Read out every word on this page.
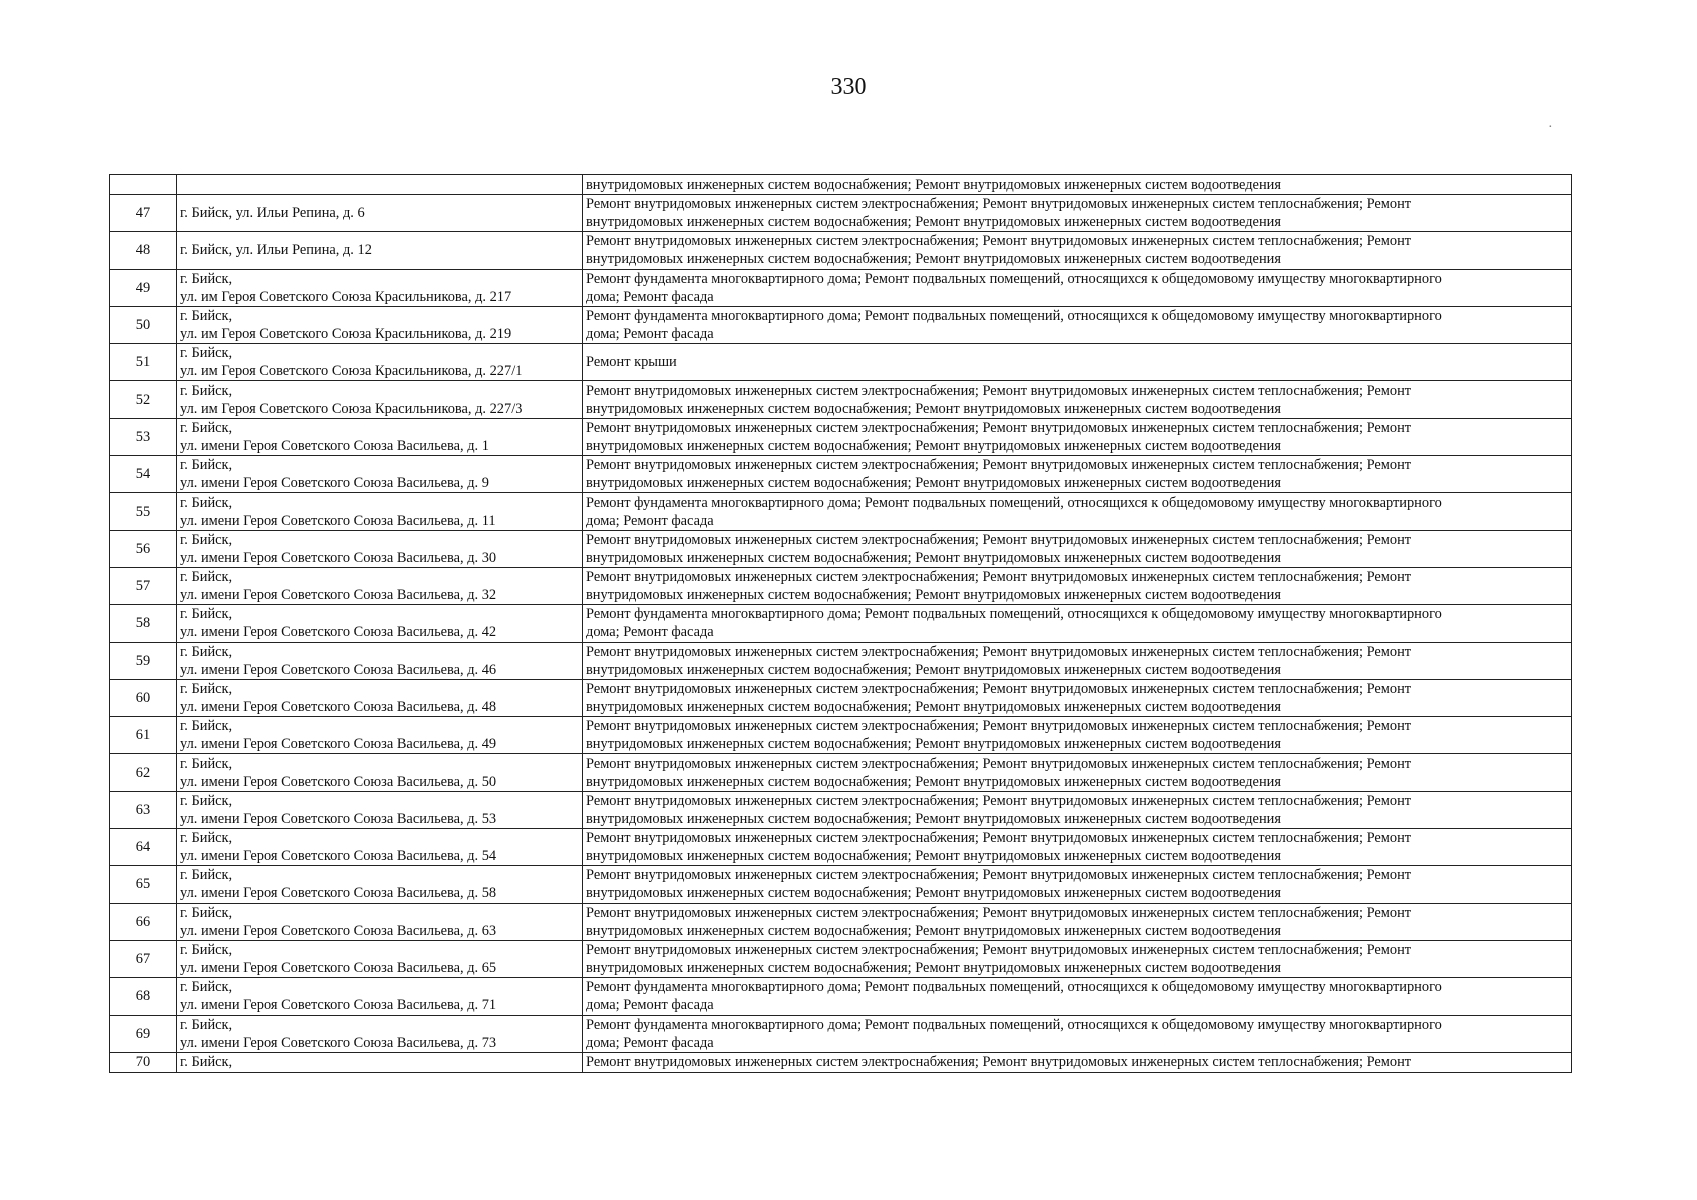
330
·

		внутридомовых инженерных систем водоснабжения; Ремонт внутридомовых инженерных систем водоотведения

47	г. Бийск, ул. Ильи Репина, д. 6	Ремонт внутридомовых инженерных систем электроснабжения; Ремонт внутридомовых инженерных систем теплоснабжения; Ремонт
внутридомовых инженерных систем водоснабжения; Ремонт внутридомовых инженерных систем водоотведения

48	г. Бийск, ул. Ильи Репина, д. 12	Ремонт внутридомовых инженерных систем электроснабжения; Ремонт внутридомовых инженерных систем теплоснабжения; Ремонт
внутридомовых инженерных систем водоснабжения; Ремонт внутридомовых инженерных систем водоотведения

49	г. Бийск,
ул. им Героя Советского Союза Красильникова, д. 217	Ремонт фундамента многоквартирного дома; Ремонт подвальных помещений, относящихся к общедомовому имуществу многоквартирного
дома; Ремонт фасада

50	г. Бийск,
ул. им Героя Советского Союза Красильникова, д. 219	Ремонт фундамента многоквартирного дома; Ремонт подвальных помещений, относящихся к общедомовому имуществу многоквартирного
дома; Ремонт фасада

51	г. Бийск,
ул. им Героя Советского Союза Красильникова, д. 227/1	Ремонт крыши

52	г. Бийск,
ул. им Героя Советского Союза Красильникова, д. 227/3	Ремонт внутридомовых инженерных систем электроснабжения; Ремонт внутридомовых инженерных систем теплоснабжения; Ремонт
внутридомовых инженерных систем водоснабжения; Ремонт внутридомовых инженерных систем водоотведения

53	г. Бийск,
ул. имени Героя Советского Союза Васильева, д. 1	Ремонт внутридомовых инженерных систем электроснабжения; Ремонт внутридомовых инженерных систем теплоснабжения; Ремонт
внутридомовых инженерных систем водоснабжения; Ремонт внутридомовых инженерных систем водоотведения

54	г. Бийск,
ул. имени Героя Советского Союза Васильева, д. 9	Ремонт внутридомовых инженерных систем электроснабжения; Ремонт внутридомовых инженерных систем теплоснабжения; Ремонт
внутридомовых инженерных систем водоснабжения; Ремонт внутридомовых инженерных систем водоотведения

55	г. Бийск,
ул. имени Героя Советского Союза Васильева, д. 11	Ремонт фундамента многоквартирного дома; Ремонт подвальных помещений, относящихся к общедомовому имуществу многоквартирного
дома; Ремонт фасада

56	г. Бийск,
ул. имени Героя Советского Союза Васильева, д. 30	Ремонт внутридомовых инженерных систем электроснабжения; Ремонт внутридомовых инженерных систем теплоснабжения; Ремонт
внутридомовых инженерных систем водоснабжения; Ремонт внутридомовых инженерных систем водоотведения

57	г. Бийск,
ул. имени Героя Советского Союза Васильева, д. 32	Ремонт внутридомовых инженерных систем электроснабжения; Ремонт внутридомовых инженерных систем теплоснабжения; Ремонт
внутридомовых инженерных систем водоснабжения; Ремонт внутридомовых инженерных систем водоотведения

58	г. Бийск,
ул. имени Героя Советского Союза Васильева, д. 42	Ремонт фундамента многоквартирного дома; Ремонт подвальных помещений, относящихся к общедомовому имуществу многоквартирного
дома; Ремонт фасада

59	г. Бийск,
ул. имени Героя Советского Союза Васильева, д. 46	Ремонт внутридомовых инженерных систем электроснабжения; Ремонт внутридомовых инженерных систем теплоснабжения; Ремонт
внутридомовых инженерных систем водоснабжения; Ремонт внутридомовых инженерных систем водоотведения

60	г. Бийск,
ул. имени Героя Советского Союза Васильева, д. 48	Ремонт внутридомовых инженерных систем электроснабжения; Ремонт внутридомовых инженерных систем теплоснабжения; Ремонт
внутридомовых инженерных систем водоснабжения; Ремонт внутридомовых инженерных систем водоотведения

61	г. Бийск,
ул. имени Героя Советского Союза Васильева, д. 49	Ремонт внутридомовых инженерных систем электроснабжения; Ремонт внутридомовых инженерных систем теплоснабжения; Ремонт
внутридомовых инженерных систем водоснабжения; Ремонт внутридомовых инженерных систем водоотведения

62	г. Бийск,
ул. имени Героя Советского Союза Васильева, д. 50	Ремонт внутридомовых инженерных систем электроснабжения; Ремонт внутридомовых инженерных систем теплоснабжения; Ремонт
внутридомовых инженерных систем водоснабжения; Ремонт внутридомовых инженерных систем водоотведения

63	г. Бийск,
ул. имени Героя Советского Союза Васильева, д. 53	Ремонт внутридомовых инженерных систем электроснабжения; Ремонт внутридомовых инженерных систем теплоснабжения; Ремонт
внутридомовых инженерных систем водоснабжения; Ремонт внутридомовых инженерных систем водоотведения

64	г. Бийск,
ул. имени Героя Советского Союза Васильева, д. 54	Ремонт внутридомовых инженерных систем электроснабжения; Ремонт внутридомовых инженерных систем теплоснабжения; Ремонт
внутридомовых инженерных систем водоснабжения; Ремонт внутридомовых инженерных систем водоотведения

65	г. Бийск,
ул. имени Героя Советского Союза Васильева, д. 58	Ремонт внутридомовых инженерных систем электроснабжения; Ремонт внутридомовых инженерных систем теплоснабжения; Ремонт
внутридомовых инженерных систем водоснабжения; Ремонт внутридомовых инженерных систем водоотведения

66	г. Бийск,
ул. имени Героя Советского Союза Васильева, д. 63	Ремонт внутридомовых инженерных систем электроснабжения; Ремонт внутридомовых инженерных систем теплоснабжения; Ремонт
внутридомовых инженерных систем водоснабжения; Ремонт внутридомовых инженерных систем водоотведения

67	г. Бийск,
ул. имени Героя Советского Союза Васильева, д. 65	Ремонт внутридомовых инженерных систем электроснабжения; Ремонт внутридомовых инженерных систем теплоснабжения; Ремонт
внутридомовых инженерных систем водоснабжения; Ремонт внутридомовых инженерных систем водоотведения

68	г. Бийск,
ул. имени Героя Советского Союза Васильева, д. 71	Ремонт фундамента многоквартирного дома; Ремонт подвальных помещений, относящихся к общедомовому имуществу многоквартирного
дома; Ремонт фасада

69	г. Бийск,
ул. имени Героя Советского Союза Васильева, д. 73	Ремонт фундамента многоквартирного дома; Ремонт подвальных помещений, относящихся к общедомовому имуществу многоквартирного
дома; Ремонт фасада

70	г. Бийск,	Ремонт внутридомовых инженерных систем электроснабжения; Ремонт внутридомовых инженерных систем теплоснабжения; Ремонт
